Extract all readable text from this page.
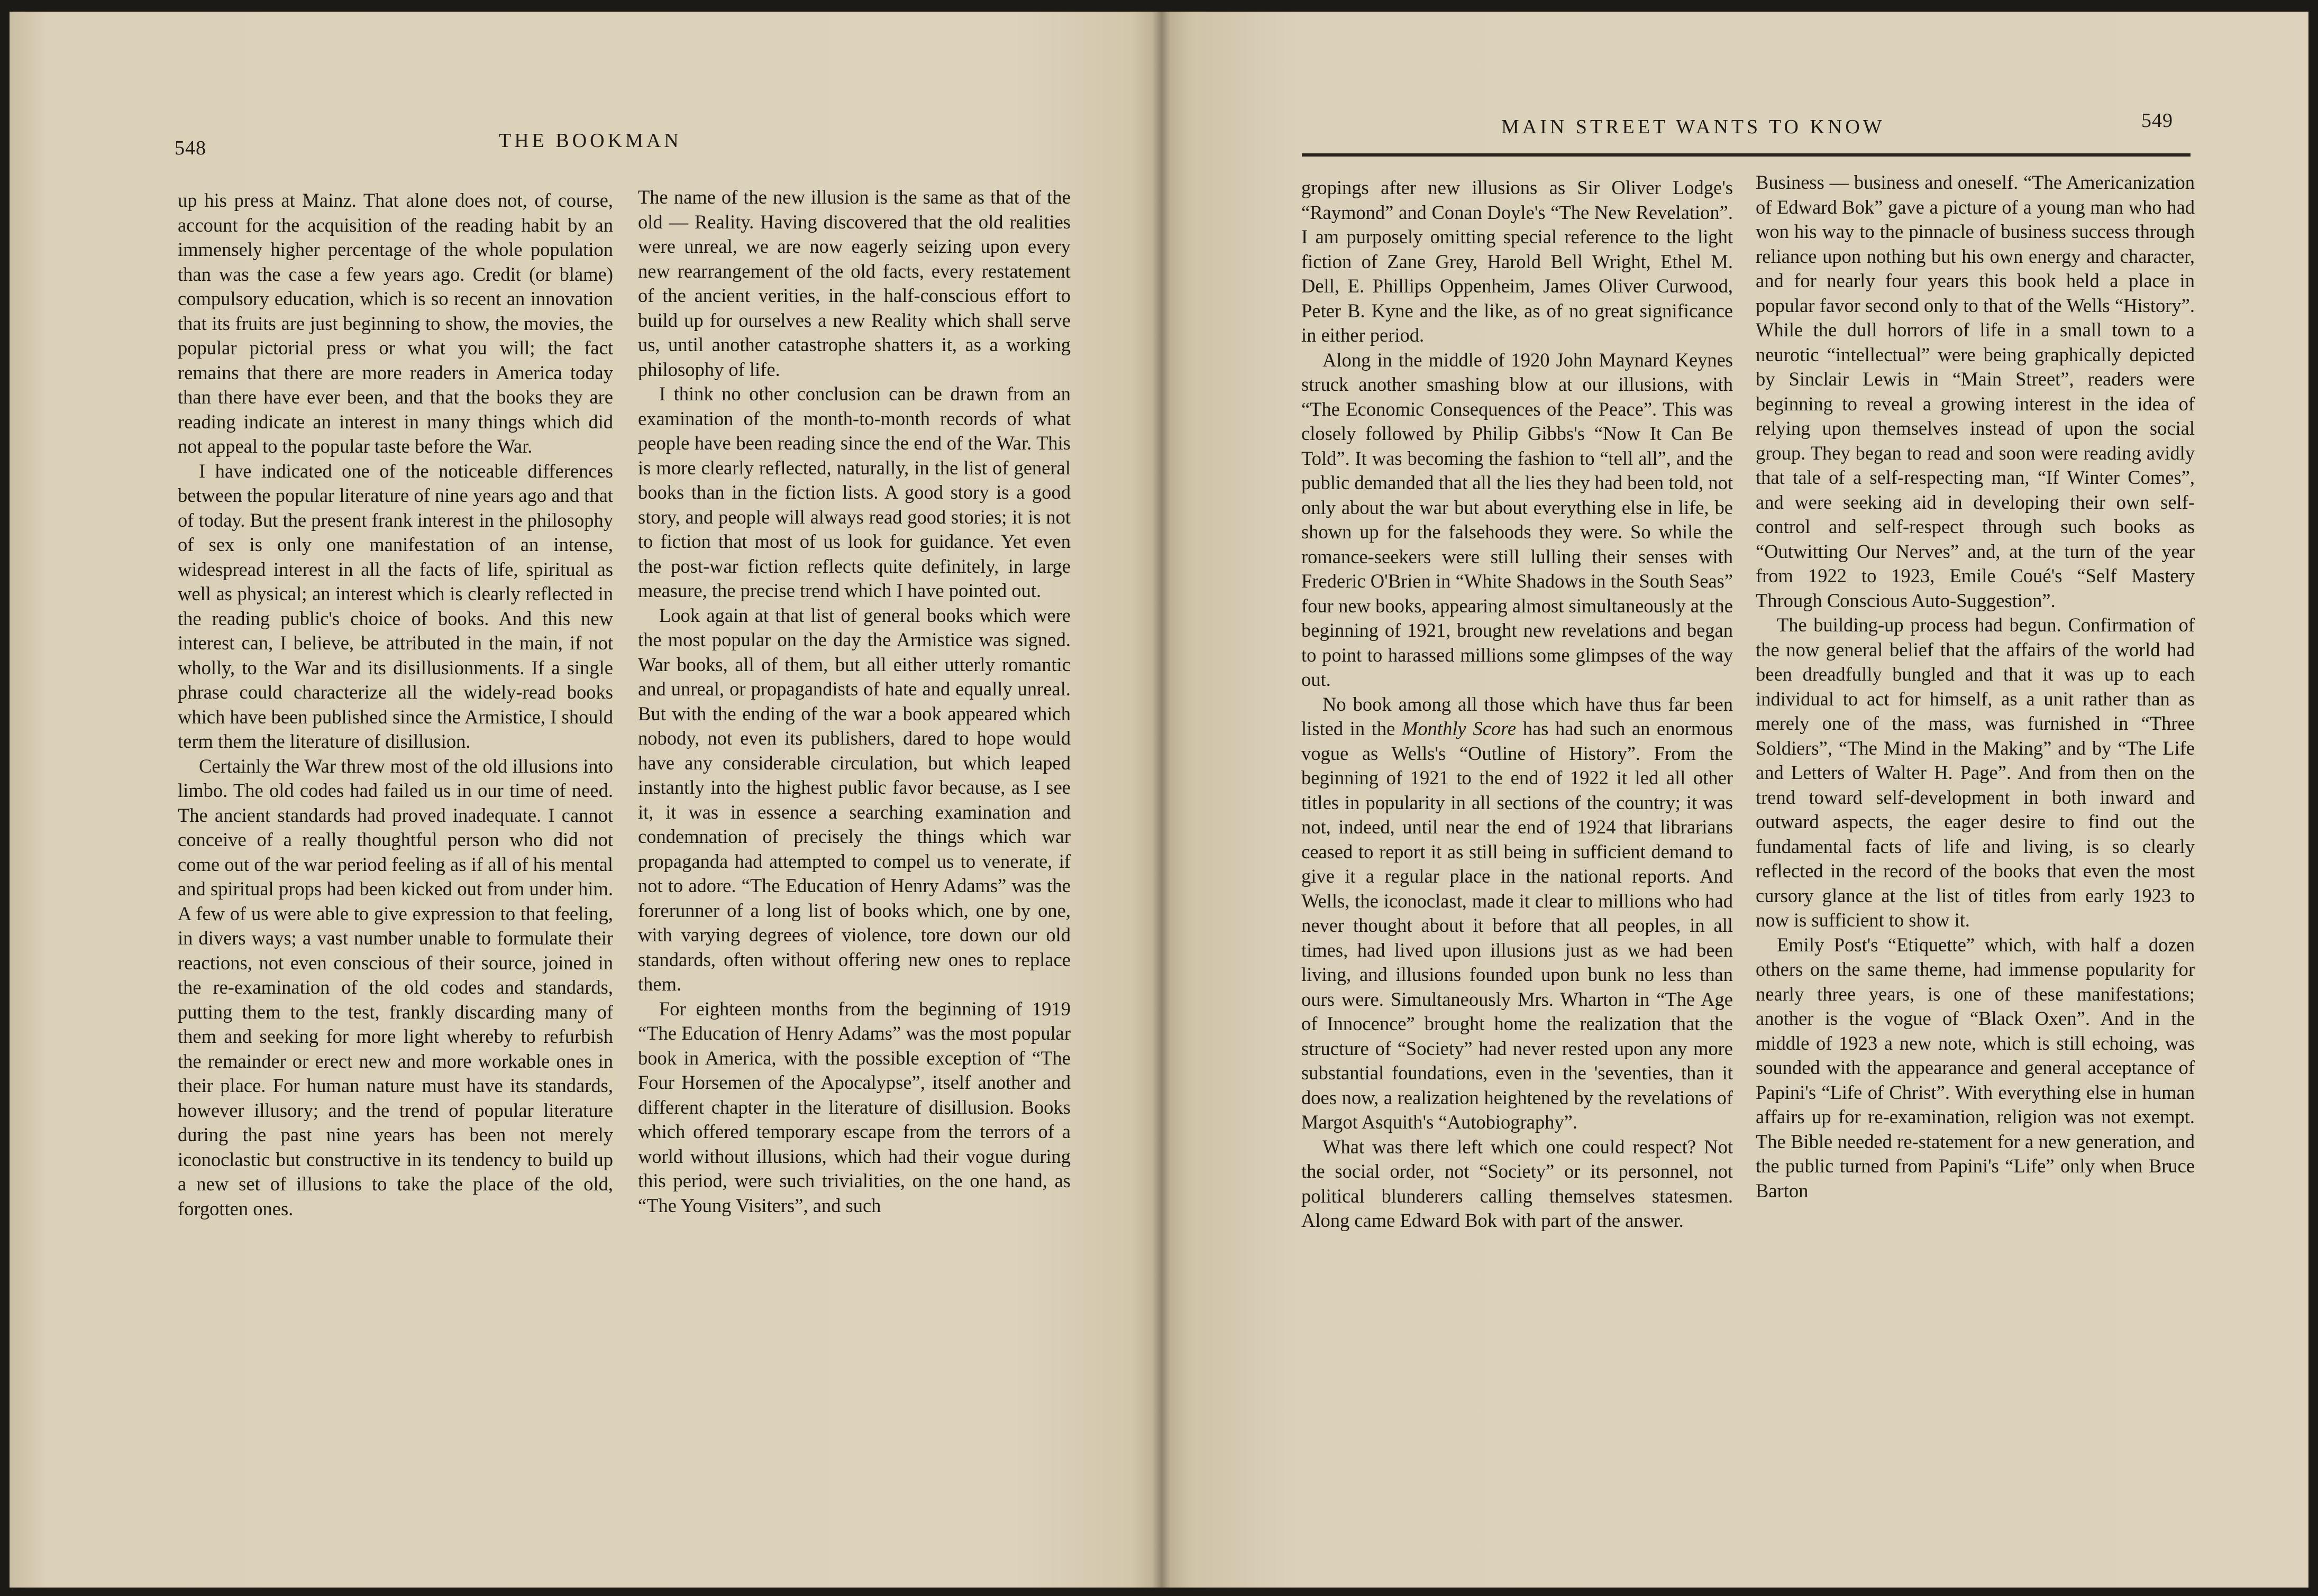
548	THE BOOKMAN

up his press at Mainz. That alone does not, of course, account for the acquisition of the reading habit by an immensely higher percentage of the whole population than was the case a few years ago. Credit (or blame) compulsory education, which is so recent an innovation that its fruits are just beginning to show, the movies, the popular pictorial press or what you will; the fact remains that there are more readers in America today than there have ever been, and that the books they are reading indicate an interest in many things which did not appeal to the popular taste before the War.

I have indicated one of the noticeable differences between the popular literature of nine years ago and that of today. But the present frank interest in the philosophy of sex is only one manifestation of an intense, widespread interest in all the facts of life, spiritual as well as physical; an interest which is clearly reflected in the reading public's choice of books. And this new interest can, I believe, be attributed in the main, if not wholly, to the War and its disillusionments. If a single phrase could characterize all the widely-read books which have been published since the Armistice, I should term them the literature of disillusion.

Certainly the War threw most of the old illusions into limbo. The old codes had failed us in our time of need. The ancient standards had proved inadequate. I cannot conceive of a really thoughtful person who did not come out of the war period feeling as if all of his mental and spiritual props had been kicked out from under him. A few of us were able to give expression to that feeling, in divers ways; a vast number unable to formulate their reactions, not even conscious of their source, joined in the re-examination of the old codes and standards, putting them to the test, frankly discarding many of them and seeking for more light whereby to refurbish the remainder or erect new and more workable ones in their place. For human nature must have its standards, however illusory; and the trend of popular literature during the past nine years has been not merely iconoclastic but constructive in its tendency to build up a new set of illusions to take the place of the old, forgotten ones.

The name of the new illusion is the same as that of the old — Reality. Having discovered that the old realities were unreal, we are now eagerly seizing upon every new rearrangement of the old facts, every restatement of the ancient verities, in the half-conscious effort to build up for ourselves a new Reality which shall serve us, until another catastrophe shatters it, as a working philosophy of life.

I think no other conclusion can be drawn from an examination of the month-to-month records of what people have been reading since the end of the War. This is more clearly reflected, naturally, in the list of general books than in the fiction lists. A good story is a good story, and people will always read good stories; it is not to fiction that most of us look for guidance. Yet even the post-war fiction reflects quite definitely, in large measure, the precise trend which I have pointed out.

Look again at that list of general books which were the most popular on the day the Armistice was signed. War books, all of them, but all either utterly romantic and unreal, or propagandists of hate and equally unreal. But with the ending of the war a book appeared which nobody, not even its publishers, dared to hope would have any considerable circulation, but which leaped instantly into the highest public favor because, as I see it, it was in essence a searching examination and condemnation of precisely the things which war propaganda had attempted to compel us to venerate, if not to adore. “The Education of Henry Adams” was the forerunner of a long list of books which, one by one, with varying degrees of violence, tore down our old standards, often without offering new ones to replace them.

For eighteen months from the beginning of 1919 “The Education of Henry Adams” was the most popular book in America, with the possible exception of “The Four Horsemen of the Apocalypse”, itself another and different chapter in the literature of disillusion. Books which offered temporary escape from the terrors of a world without illusions, which had their vogue during this period, were such trivialities, on the one hand, as “The Young Visiters”, and such

MAIN STREET WANTS TO KNOW	549

gropings after new illusions as Sir Oliver Lodge's “Raymond” and Conan Doyle's “The New Revelation”. I am purposely omitting special reference to the light fiction of Zane Grey, Harold Bell Wright, Ethel M. Dell, E. Phillips Oppenheim, James Oliver Curwood, Peter B. Kyne and the like, as of no great significance in either period.

Along in the middle of 1920 John Maynard Keynes struck another smashing blow at our illusions, with “The Economic Consequences of the Peace”. This was closely followed by Philip Gibbs's “Now It Can Be Told”. It was becoming the fashion to “tell all”, and the public demanded that all the lies they had been told, not only about the war but about everything else in life, be shown up for the falsehoods they were. So while the romance-seekers were still lulling their senses with Frederic O'Brien in “White Shadows in the South Seas” four new books, appearing almost simultaneously at the beginning of 1921, brought new revelations and began to point to harassed millions some glimpses of the way out.

No book among all those which have thus far been listed in the Monthly Score has had such an enormous vogue as Wells's “Outline of History”. From the beginning of 1921 to the end of 1922 it led all other titles in popularity in all sections of the country; it was not, indeed, until near the end of 1924 that librarians ceased to report it as still being in sufficient demand to give it a regular place in the national reports. And Wells, the iconoclast, made it clear to millions who had never thought about it before that all peoples, in all times, had lived upon illusions just as we had been living, and illusions founded upon bunk no less than ours were. Simultaneously Mrs. Wharton in “The Age of Innocence” brought home the realization that the structure of “Society” had never rested upon any more substantial foundations, even in the 'seventies, than it does now, a realization heightened by the revelations of Margot Asquith's “Autobiography”.

What was there left which one could respect? Not the social order, not “Society” or its personnel, not political blunderers calling themselves statesmen. Along came Edward Bok with part of the answer.

Business — business and oneself. “The Americanization of Edward Bok” gave a picture of a young man who had won his way to the pinnacle of business success through reliance upon nothing but his own energy and character, and for nearly four years this book held a place in popular favor second only to that of the Wells “History”. While the dull horrors of life in a small town to a neurotic “intellectual” were being graphically depicted by Sinclair Lewis in “Main Street”, readers were beginning to reveal a growing interest in the idea of relying upon themselves instead of upon the social group. They began to read and soon were reading avidly that tale of a self-respecting man, “If Winter Comes”, and were seeking aid in developing their own self-control and self-respect through such books as “Outwitting Our Nerves” and, at the turn of the year from 1922 to 1923, Emile Coué's “Self Mastery Through Conscious Auto-Suggestion”.

The building-up process had begun. Confirmation of the now general belief that the affairs of the world had been dreadfully bungled and that it was up to each individual to act for himself, as a unit rather than as merely one of the mass, was furnished in “Three Soldiers”, “The Mind in the Making” and by “The Life and Letters of Walter H. Page”. And from then on the trend toward self-development in both inward and outward aspects, the eager desire to find out the fundamental facts of life and living, is so clearly reflected in the record of the books that even the most cursory glance at the list of titles from early 1923 to now is sufficient to show it.

Emily Post's “Etiquette” which, with half a dozen others on the same theme, had immense popularity for nearly three years, is one of these manifestations; another is the vogue of “Black Oxen”. And in the middle of 1923 a new note, which is still echoing, was sounded with the appearance and general acceptance of Papini's “Life of Christ”. With everything else in human affairs up for re-examination, religion was not exempt. The Bible needed re-statement for a new generation, and the public turned from Papini's “Life” only when Bruce Barton
